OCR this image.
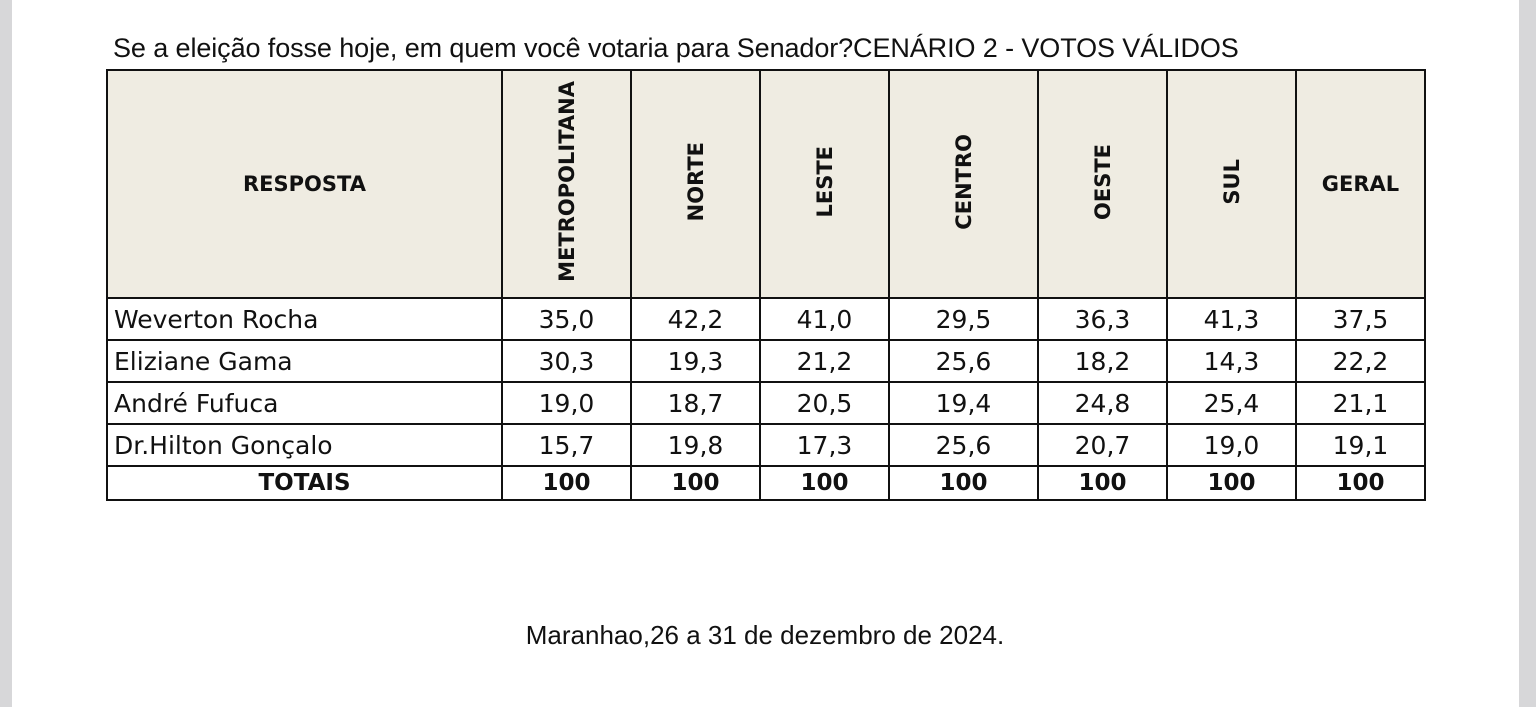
Se a eleição fosse hoje, em quem você votaria para Senador?CENÁRIO 2 - VOTOS VÁLIDOS
RESPOSTA	METROPOLITANA	NORTE	LESTE	CENTRO	OESTE	SUL	GERAL
Weverton Rocha	35,0	42,2	41,0	29,5	36,3	41,3	37,5
Eliziane Gama	30,3	19,3	21,2	25,6	18,2	14,3	22,2
André Fufuca	19,0	18,7	20,5	19,4	24,8	25,4	21,1
Dr.Hilton Gonçalo	15,7	19,8	17,3	25,6	20,7	19,0	19,1
TOTAIS	100	100	100	100	100	100	100
Maranhao,26 a 31 de dezembro de 2024.
